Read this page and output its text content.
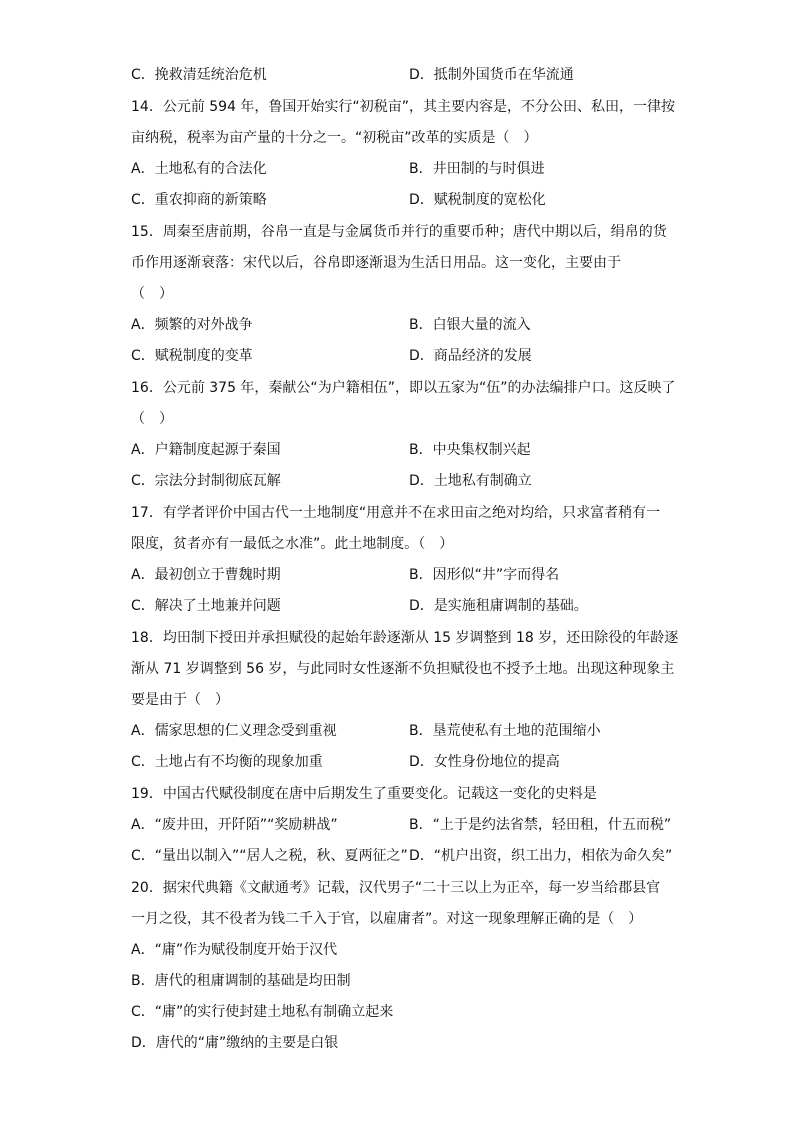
C．挽救清廷统治危机	D．抵制外国货币在华流通
14．公元前 594 年，鲁国开始实行“初税亩”，其主要内容是，不分公田、私田，一律按
亩纳税，税率为亩产量的十分之一。“初税亩”改革的实质是（　）
A．土地私有的合法化	B．井田制的与时俱进
C．重农抑商的新策略	D．赋税制度的宽松化
15．周秦至唐前期，谷帛一直是与金属货币并行的重要币种；唐代中期以后，绢帛的货
币作用逐渐衰落：宋代以后，谷帛即逐渐退为生活日用品。这一变化，主要由于
（　）
A．频繁的对外战争	B．白银大量的流入
C．赋税制度的变革	D．商品经济的发展
16．公元前 375 年，秦献公“为户籍相伍”，即以五家为“伍”的办法编排户口。这反映了
（　）
A．户籍制度起源于秦国	B．中央集权制兴起
C．宗法分封制彻底瓦解	D．土地私有制确立
17．有学者评价中国古代一土地制度“用意并不在求田亩之绝对均给，只求富者稍有一
限度，贫者亦有一最低之水准”。此土地制度。（　）
A．最初创立于曹魏时期	B．因形似“井”字而得名
C．解决了土地兼并问题	D．是实施租庸调制的基础。
18．均田制下授田并承担赋役的起始年龄逐渐从 15 岁调整到 18 岁，还田除役的年龄逐
渐从 71 岁调整到 56 岁，与此同时女性逐渐不负担赋役也不授予土地。出现这种现象主
要是由于（　）
A．儒家思想的仁义理念受到重视	B．垦荒使私有土地的范围缩小
C．土地占有不均衡的现象加重	D．女性身份地位的提高
19．中国古代赋役制度在唐中后期发生了重要变化。记载这一变化的史料是
A．“废井田，开阡陌”“奖励耕战”	B．“上于是约法省禁，轻田租，什五而税”
C．“量出以制入”“居人之税，秋、夏两征之” D．“机户出资，织工出力，相依为命久矣”
20．据宋代典籍《文献通考》记载，汉代男子“二十三以上为正卒，每一岁当给郡县官
一月之役，其不役者为钱二千入于官，以雇庸者”。对这一现象理解正确的是（　）
A．“庸”作为赋役制度开始于汉代
B．唐代的租庸调制的基础是均田制
C．“庸”的实行使封建土地私有制确立起来
D．唐代的“庸”缴纳的主要是白银
